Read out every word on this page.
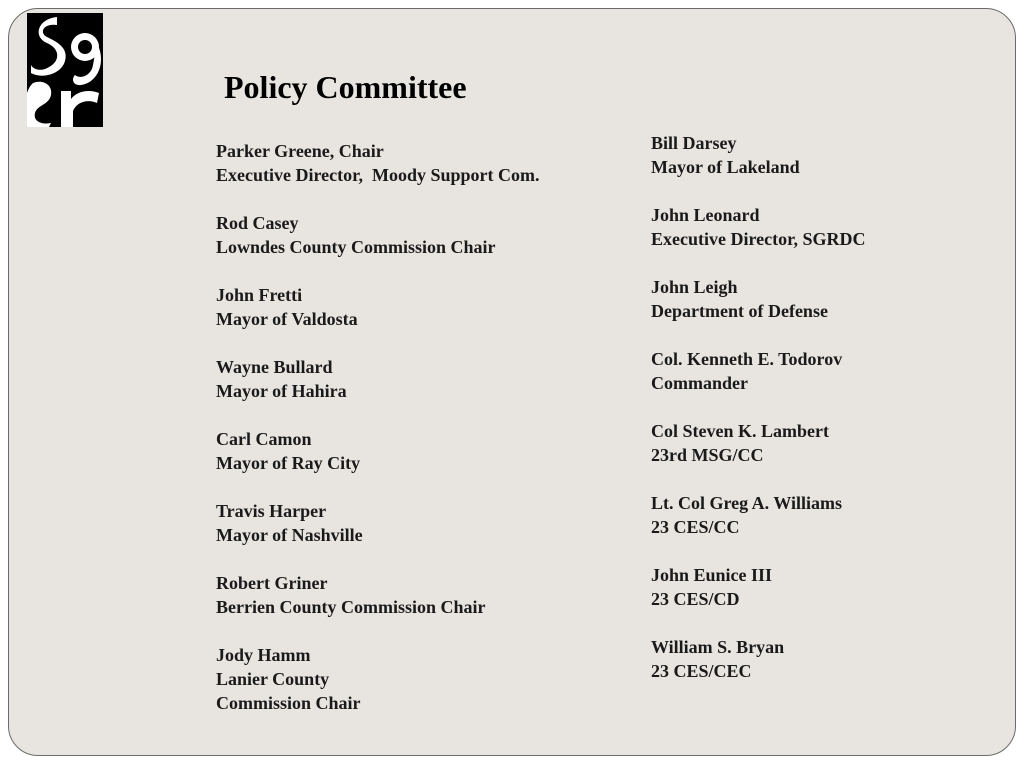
Policy Committee
Parker Greene, Chair
Executive Director,  Moody Support Com.
Rod Casey
Lowndes County Commission Chair
John Fretti
Mayor of Valdosta
Wayne Bullard
Mayor of Hahira
Carl Camon
Mayor of Ray City
Travis Harper
Mayor of Nashville
Robert Griner
Berrien County Commission Chair
Jody Hamm
Lanier County
Commission Chair
Bill Darsey
Mayor of Lakeland
John Leonard
Executive Director, SGRDC
John Leigh
Department of Defense
Col. Kenneth E. Todorov
Commander
Col Steven K. Lambert
23rd MSG/CC
Lt. Col Greg A. Williams
23 CES/CC
John Eunice III
23 CES/CD
William S. Bryan
23 CES/CEC
